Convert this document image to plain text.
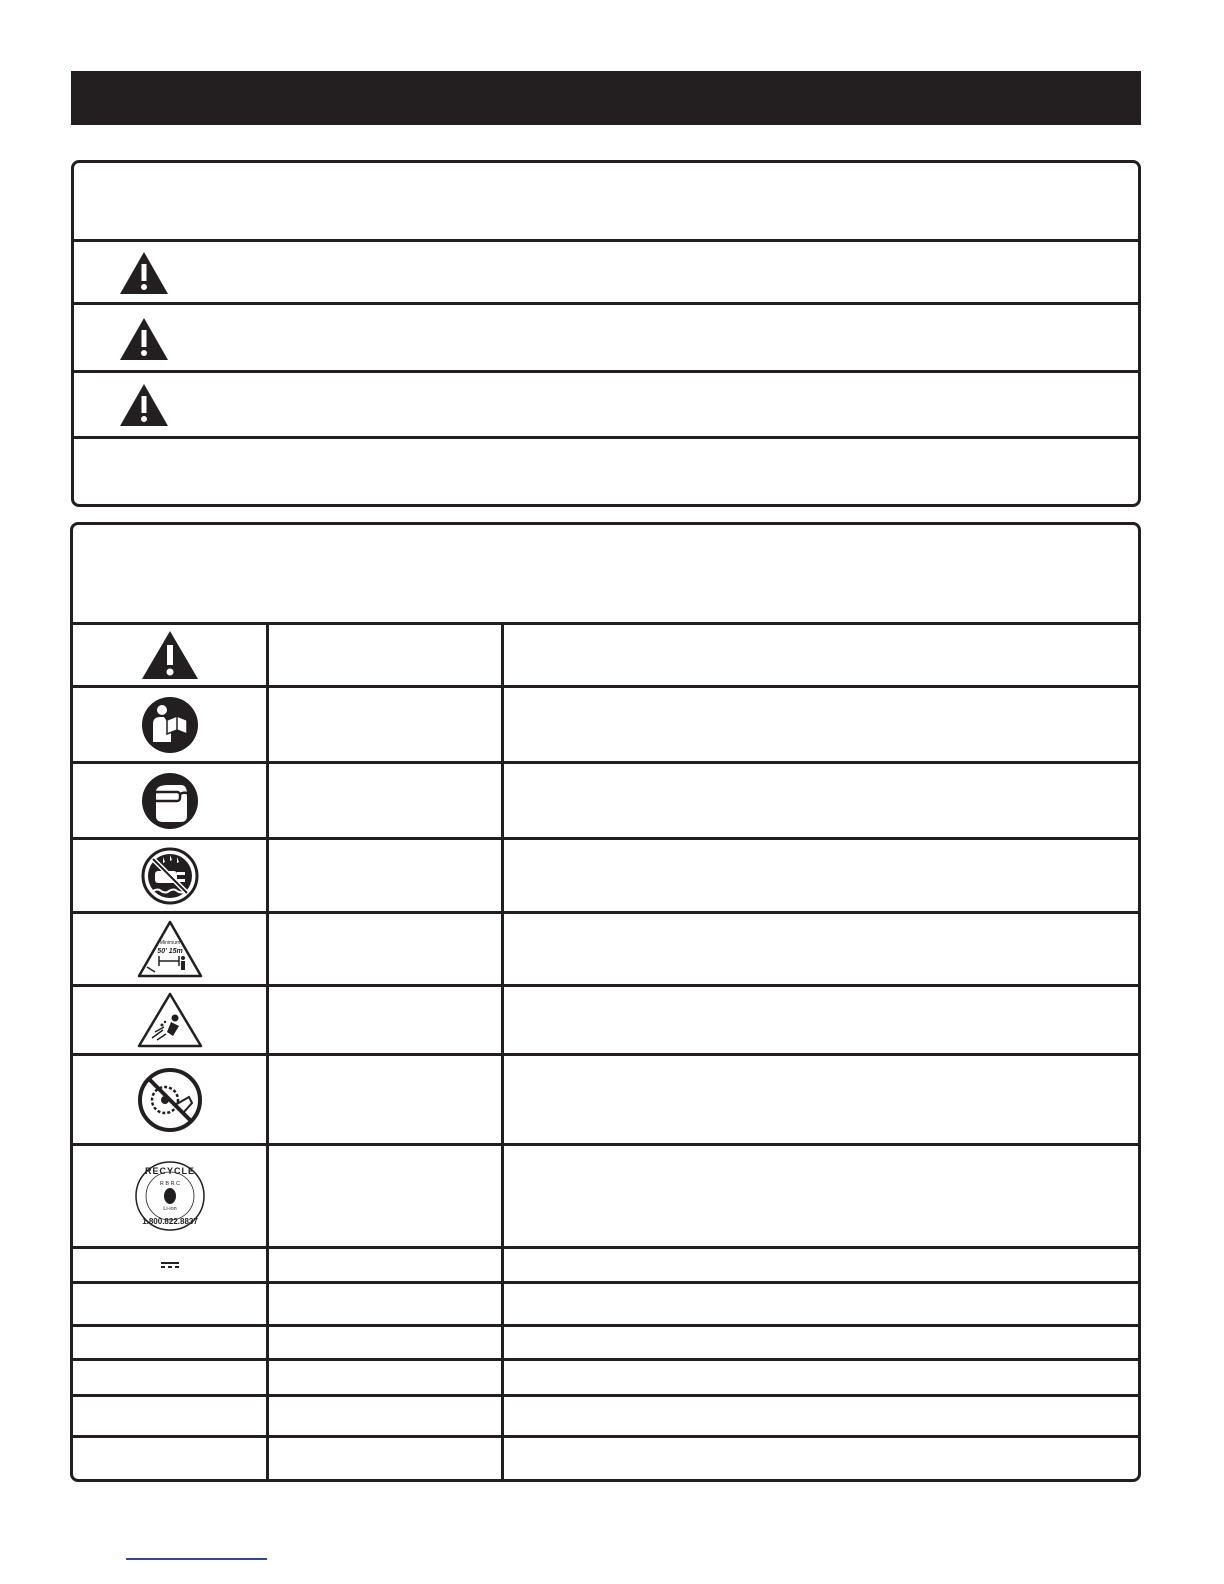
Minimum
50' 15m
RECYCLE
R B R C
Li-ion
1.800.822.8837
